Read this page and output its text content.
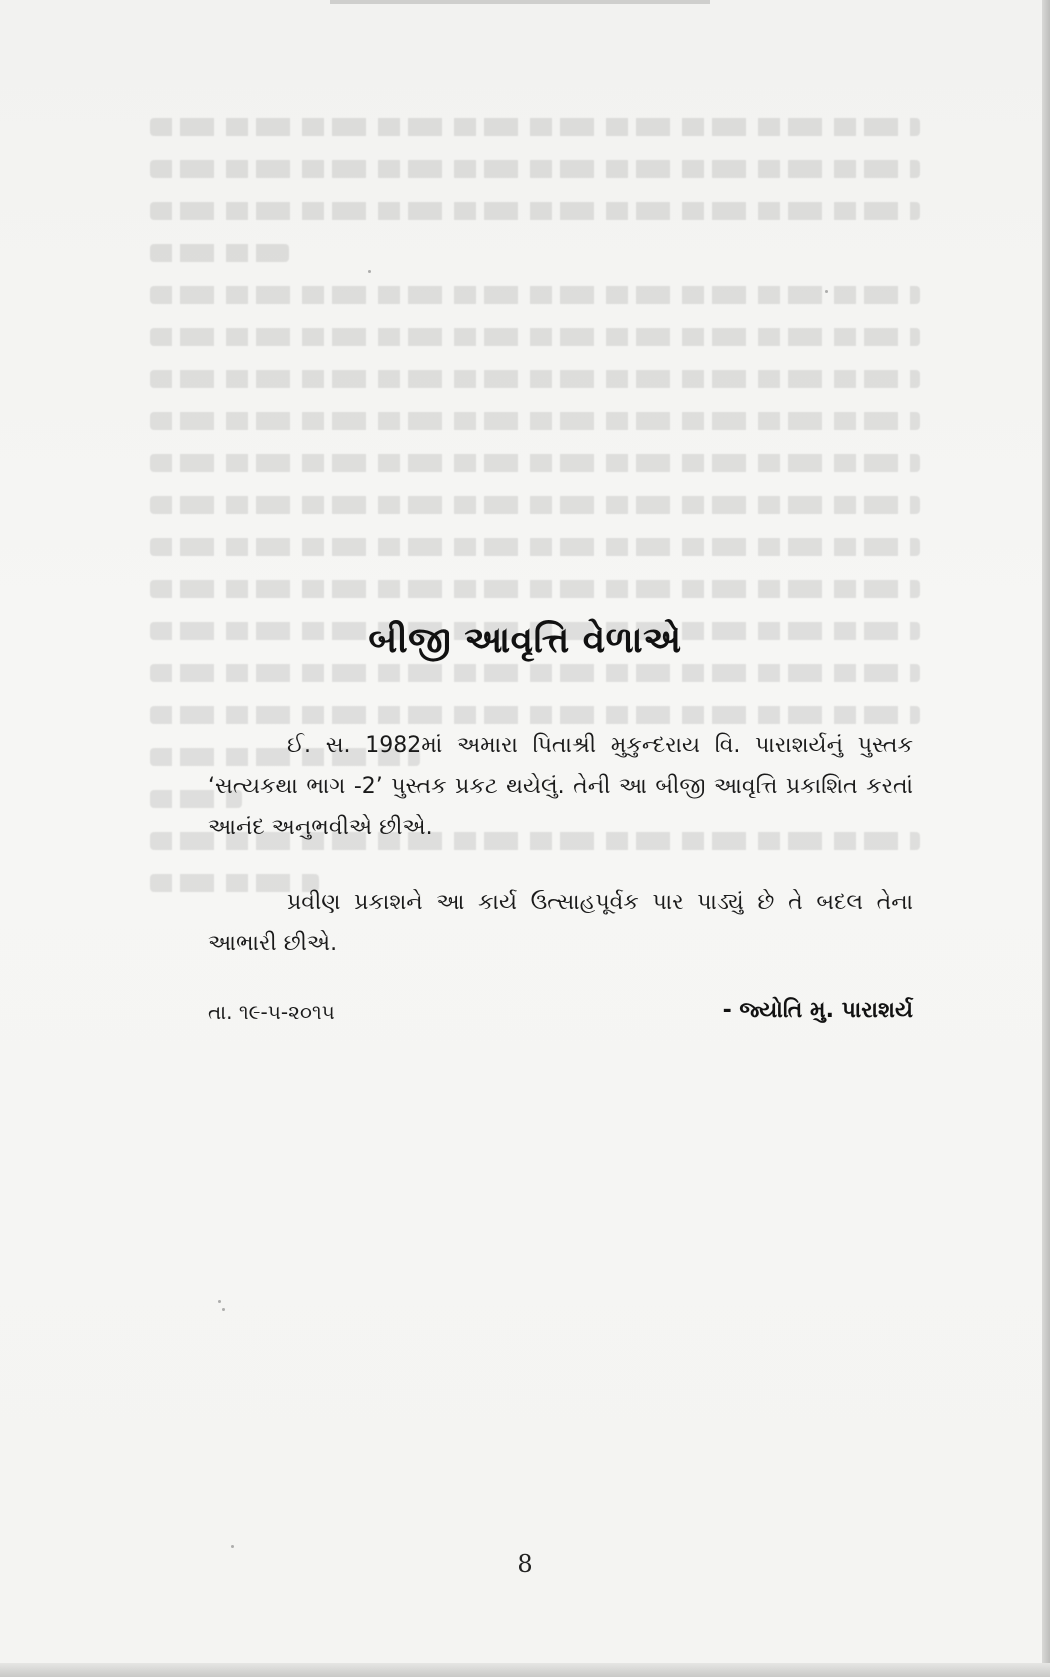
બીજી આવૃત્તિ વેળાએ
ઈ. સ. 1982માં અમારા પિતાશ્રી મુકુન્દરાય વિ. પારાશર્યનું પુસ્તક ‘સત્યકથા ભાગ -2’ પુસ્તક પ્રકટ થયેલું. તેની આ બીજી આવૃત્તિ પ્રકાશિત કરતાં આનંદ અનુભવીએ છીએ.
પ્રવીણ પ્રકાશને આ કાર્ય ઉત્સાહપૂર્વક પાર પાડ્યું છે તે બદલ તેના આભારી છીએ.
તા. ૧૯-૫-૨૦૧૫	- જ્યોતિ મુ. પારાશર્ય
8
